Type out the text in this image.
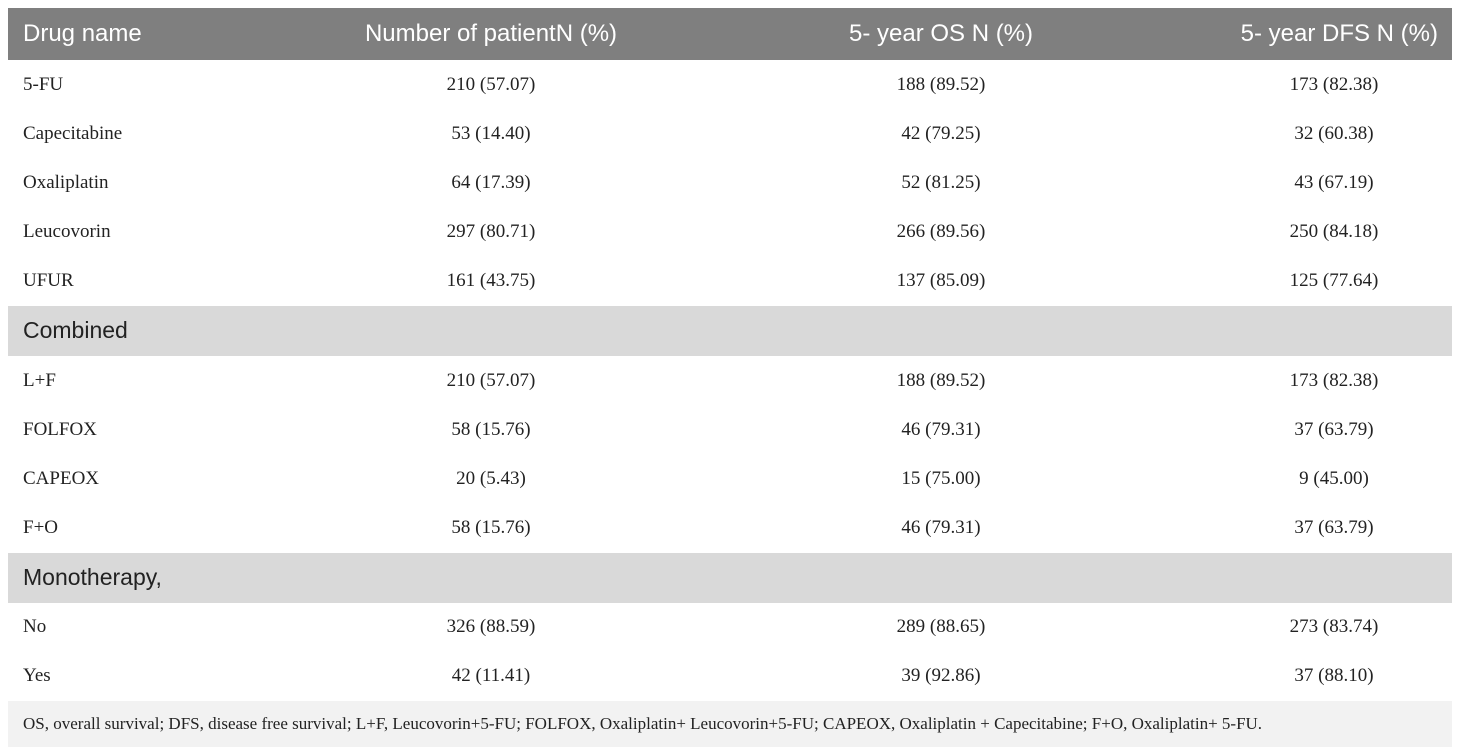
Drug name	Number of patientN (%)	5- year OS N (%)	5- year DFS N (%)
5-FU	210 (57.07)	188 (89.52)	173 (82.38)
Capecitabine	53 (14.40)	42 (79.25)	32 (60.38)
Oxaliplatin	64 (17.39)	52 (81.25)	43 (67.19)
Leucovorin	297 (80.71)	266 (89.56)	250 (84.18)
UFUR	161 (43.75)	137 (85.09)	125 (77.64)
Combined			
L+F	210 (57.07)	188 (89.52)	173 (82.38)
FOLFOX	58 (15.76)	46 (79.31)	37 (63.79)
CAPEOX	20 (5.43)	15 (75.00)	9 (45.00)
F+O	58 (15.76)	46 (79.31)	37 (63.79)
Monotherapy,			
No	326 (88.59)	289 (88.65)	273 (83.74)
Yes	42 (11.41)	39 (92.86)	37 (88.10)
OS, overall survival; DFS, disease free survival; L+F, Leucovorin+5-FU; FOLFOX, Oxaliplatin+ Leucovorin+5-FU; CAPEOX, Oxaliplatin + Capecitabine; F+O, Oxaliplatin+ 5-FU.			
